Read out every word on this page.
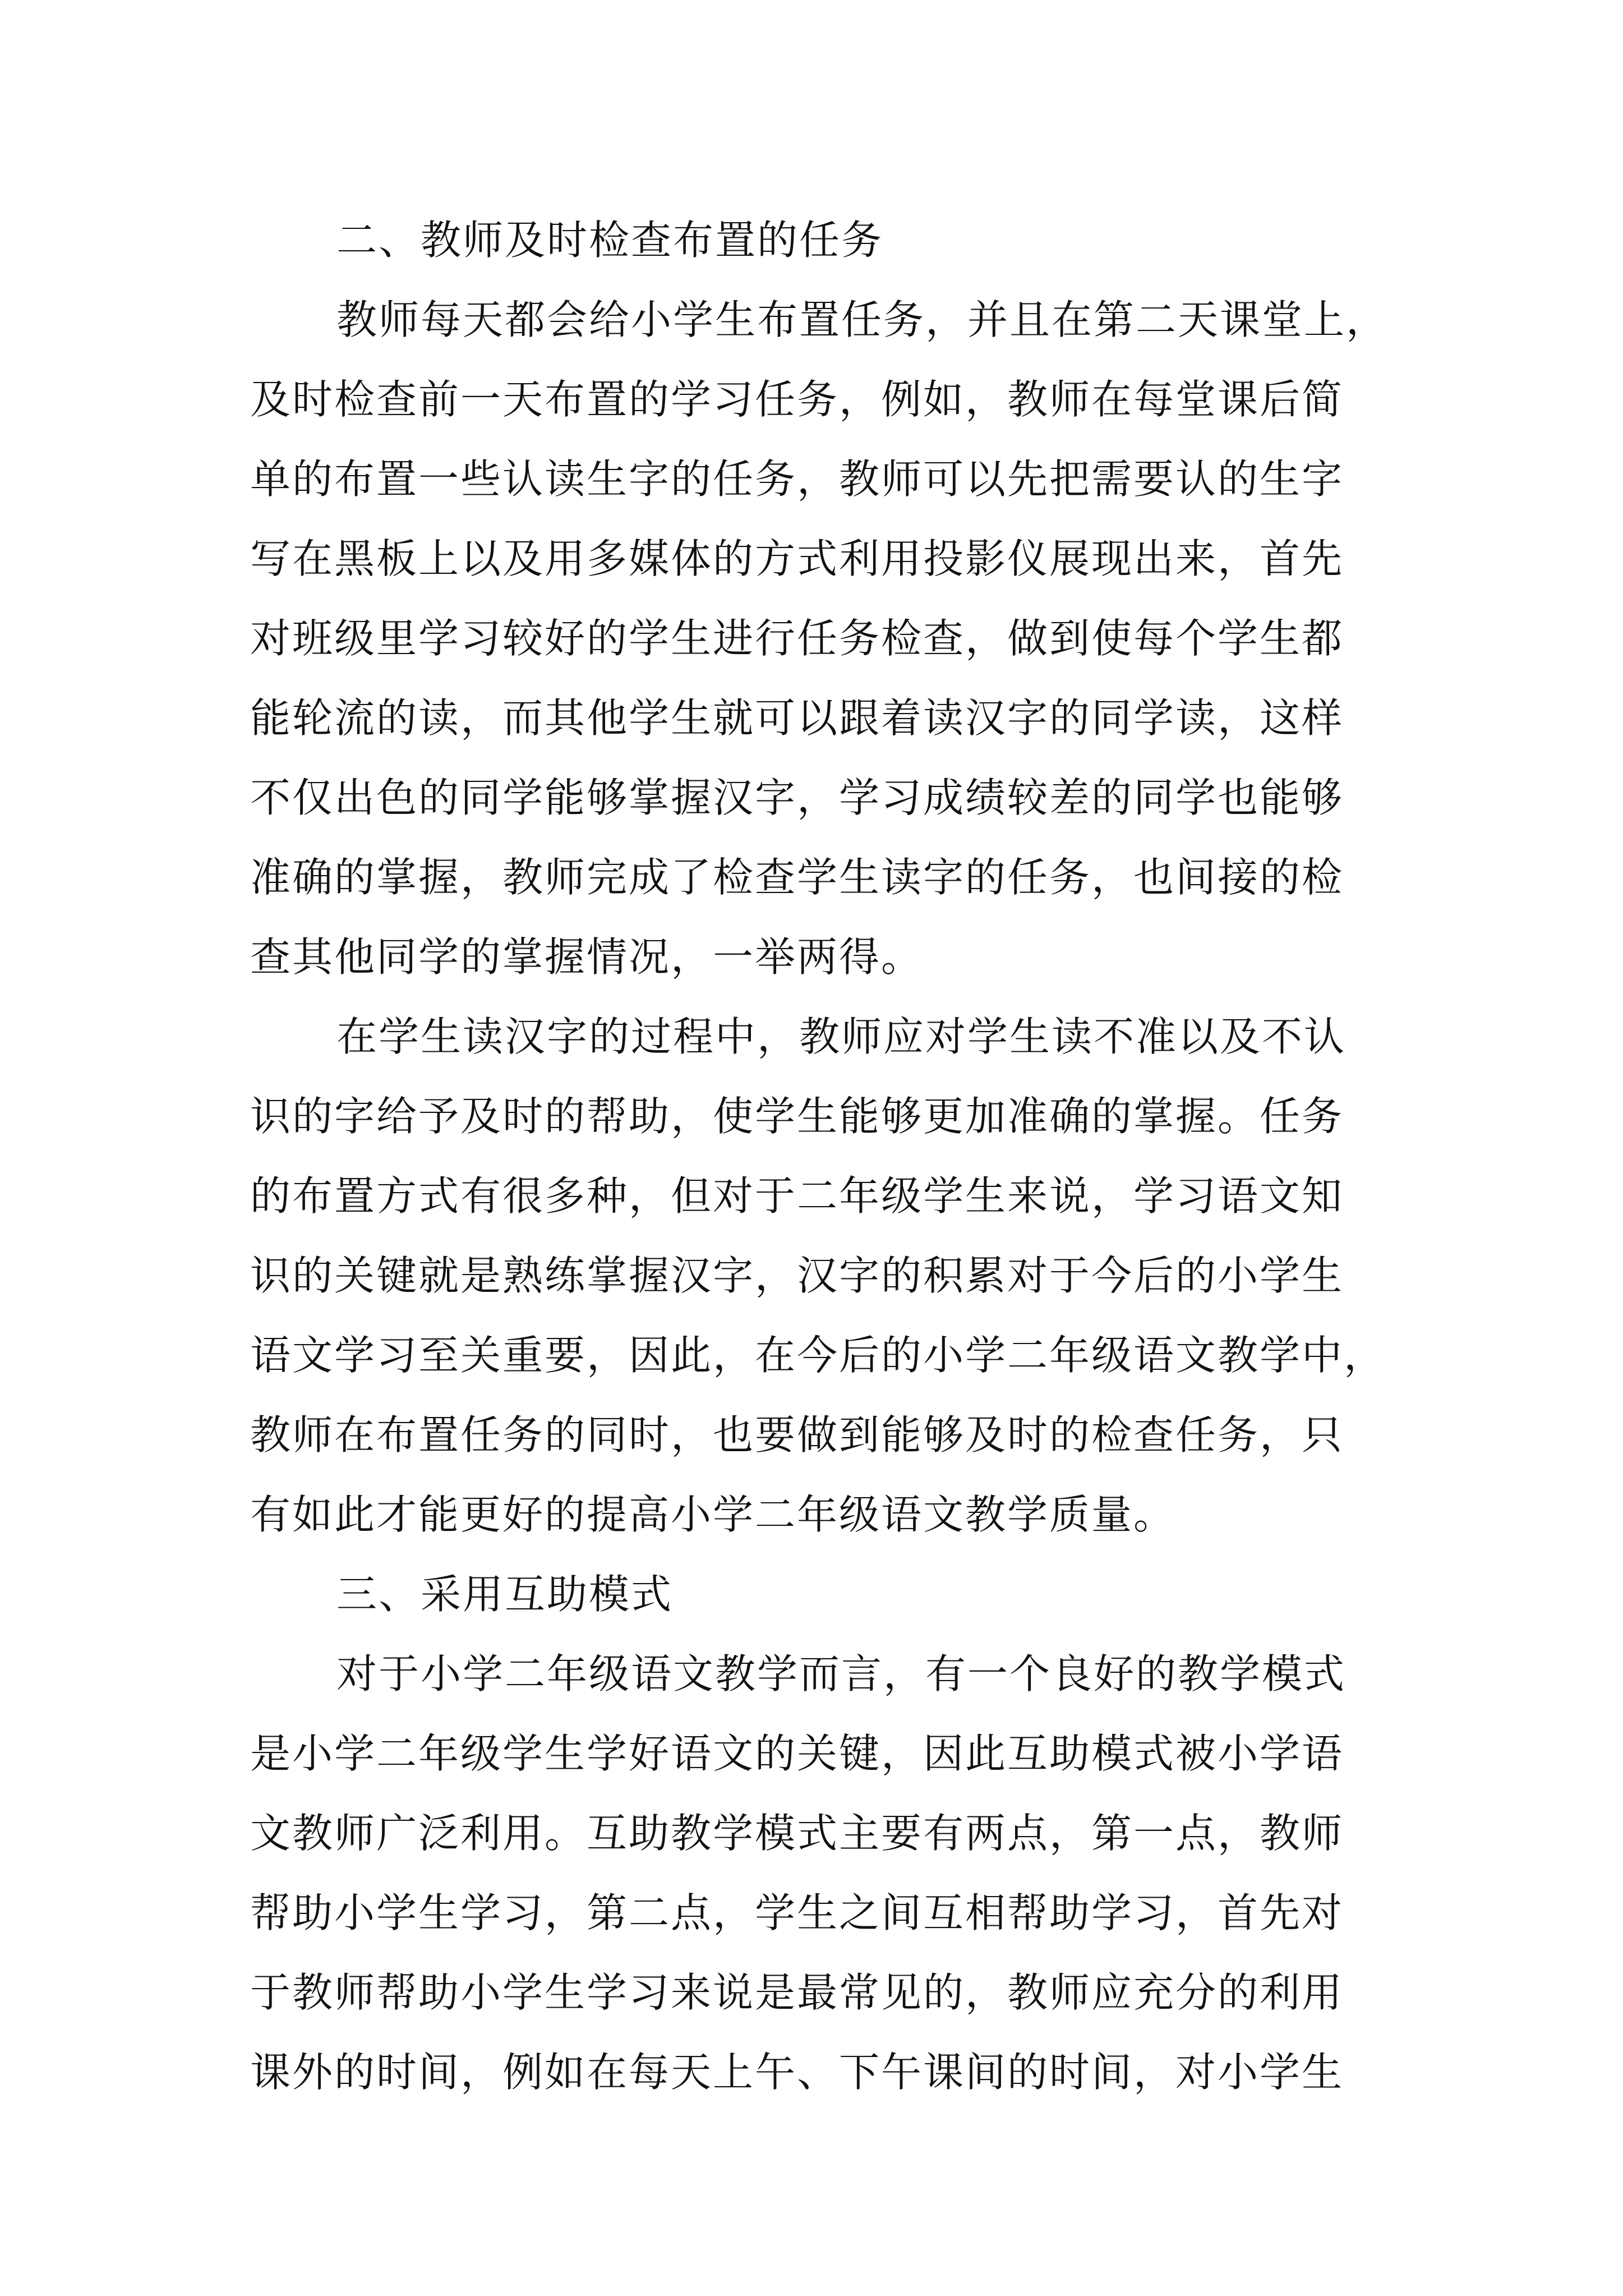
二、教师及时检查布置的任务
教师每天都会给小学生布置任务，并且在第二天课堂上，
及时检查前一天布置的学习任务，例如，教师在每堂课后简
单的布置一些认读生字的任务，教师可以先把需要认的生字
写在黑板上以及用多媒体的方式利用投影仪展现出来，首先
对班级里学习较好的学生进行任务检查，做到使每个学生都
能轮流的读，而其他学生就可以跟着读汉字的同学读，这样
不仅出色的同学能够掌握汉字，学习成绩较差的同学也能够
准确的掌握，教师完成了检查学生读字的任务，也间接的检
查其他同学的掌握情况，一举两得。
在学生读汉字的过程中，教师应对学生读不准以及不认
识的字给予及时的帮助，使学生能够更加准确的掌握。任务
的布置方式有很多种，但对于二年级学生来说，学习语文知
识的关键就是熟练掌握汉字，汉字的积累对于今后的小学生
语文学习至关重要，因此，在今后的小学二年级语文教学中，
教师在布置任务的同时，也要做到能够及时的检查任务，只
有如此才能更好的提高小学二年级语文教学质量。
三、采用互助模式
对于小学二年级语文教学而言，有一个良好的教学模式
是小学二年级学生学好语文的关键，因此互助模式被小学语
文教师广泛利用。互助教学模式主要有两点，第一点，教师
帮助小学生学习，第二点，学生之间互相帮助学习，首先对
于教师帮助小学生学习来说是最常见的，教师应充分的利用
课外的时间，例如在每天上午、下午课间的时间，对小学生
